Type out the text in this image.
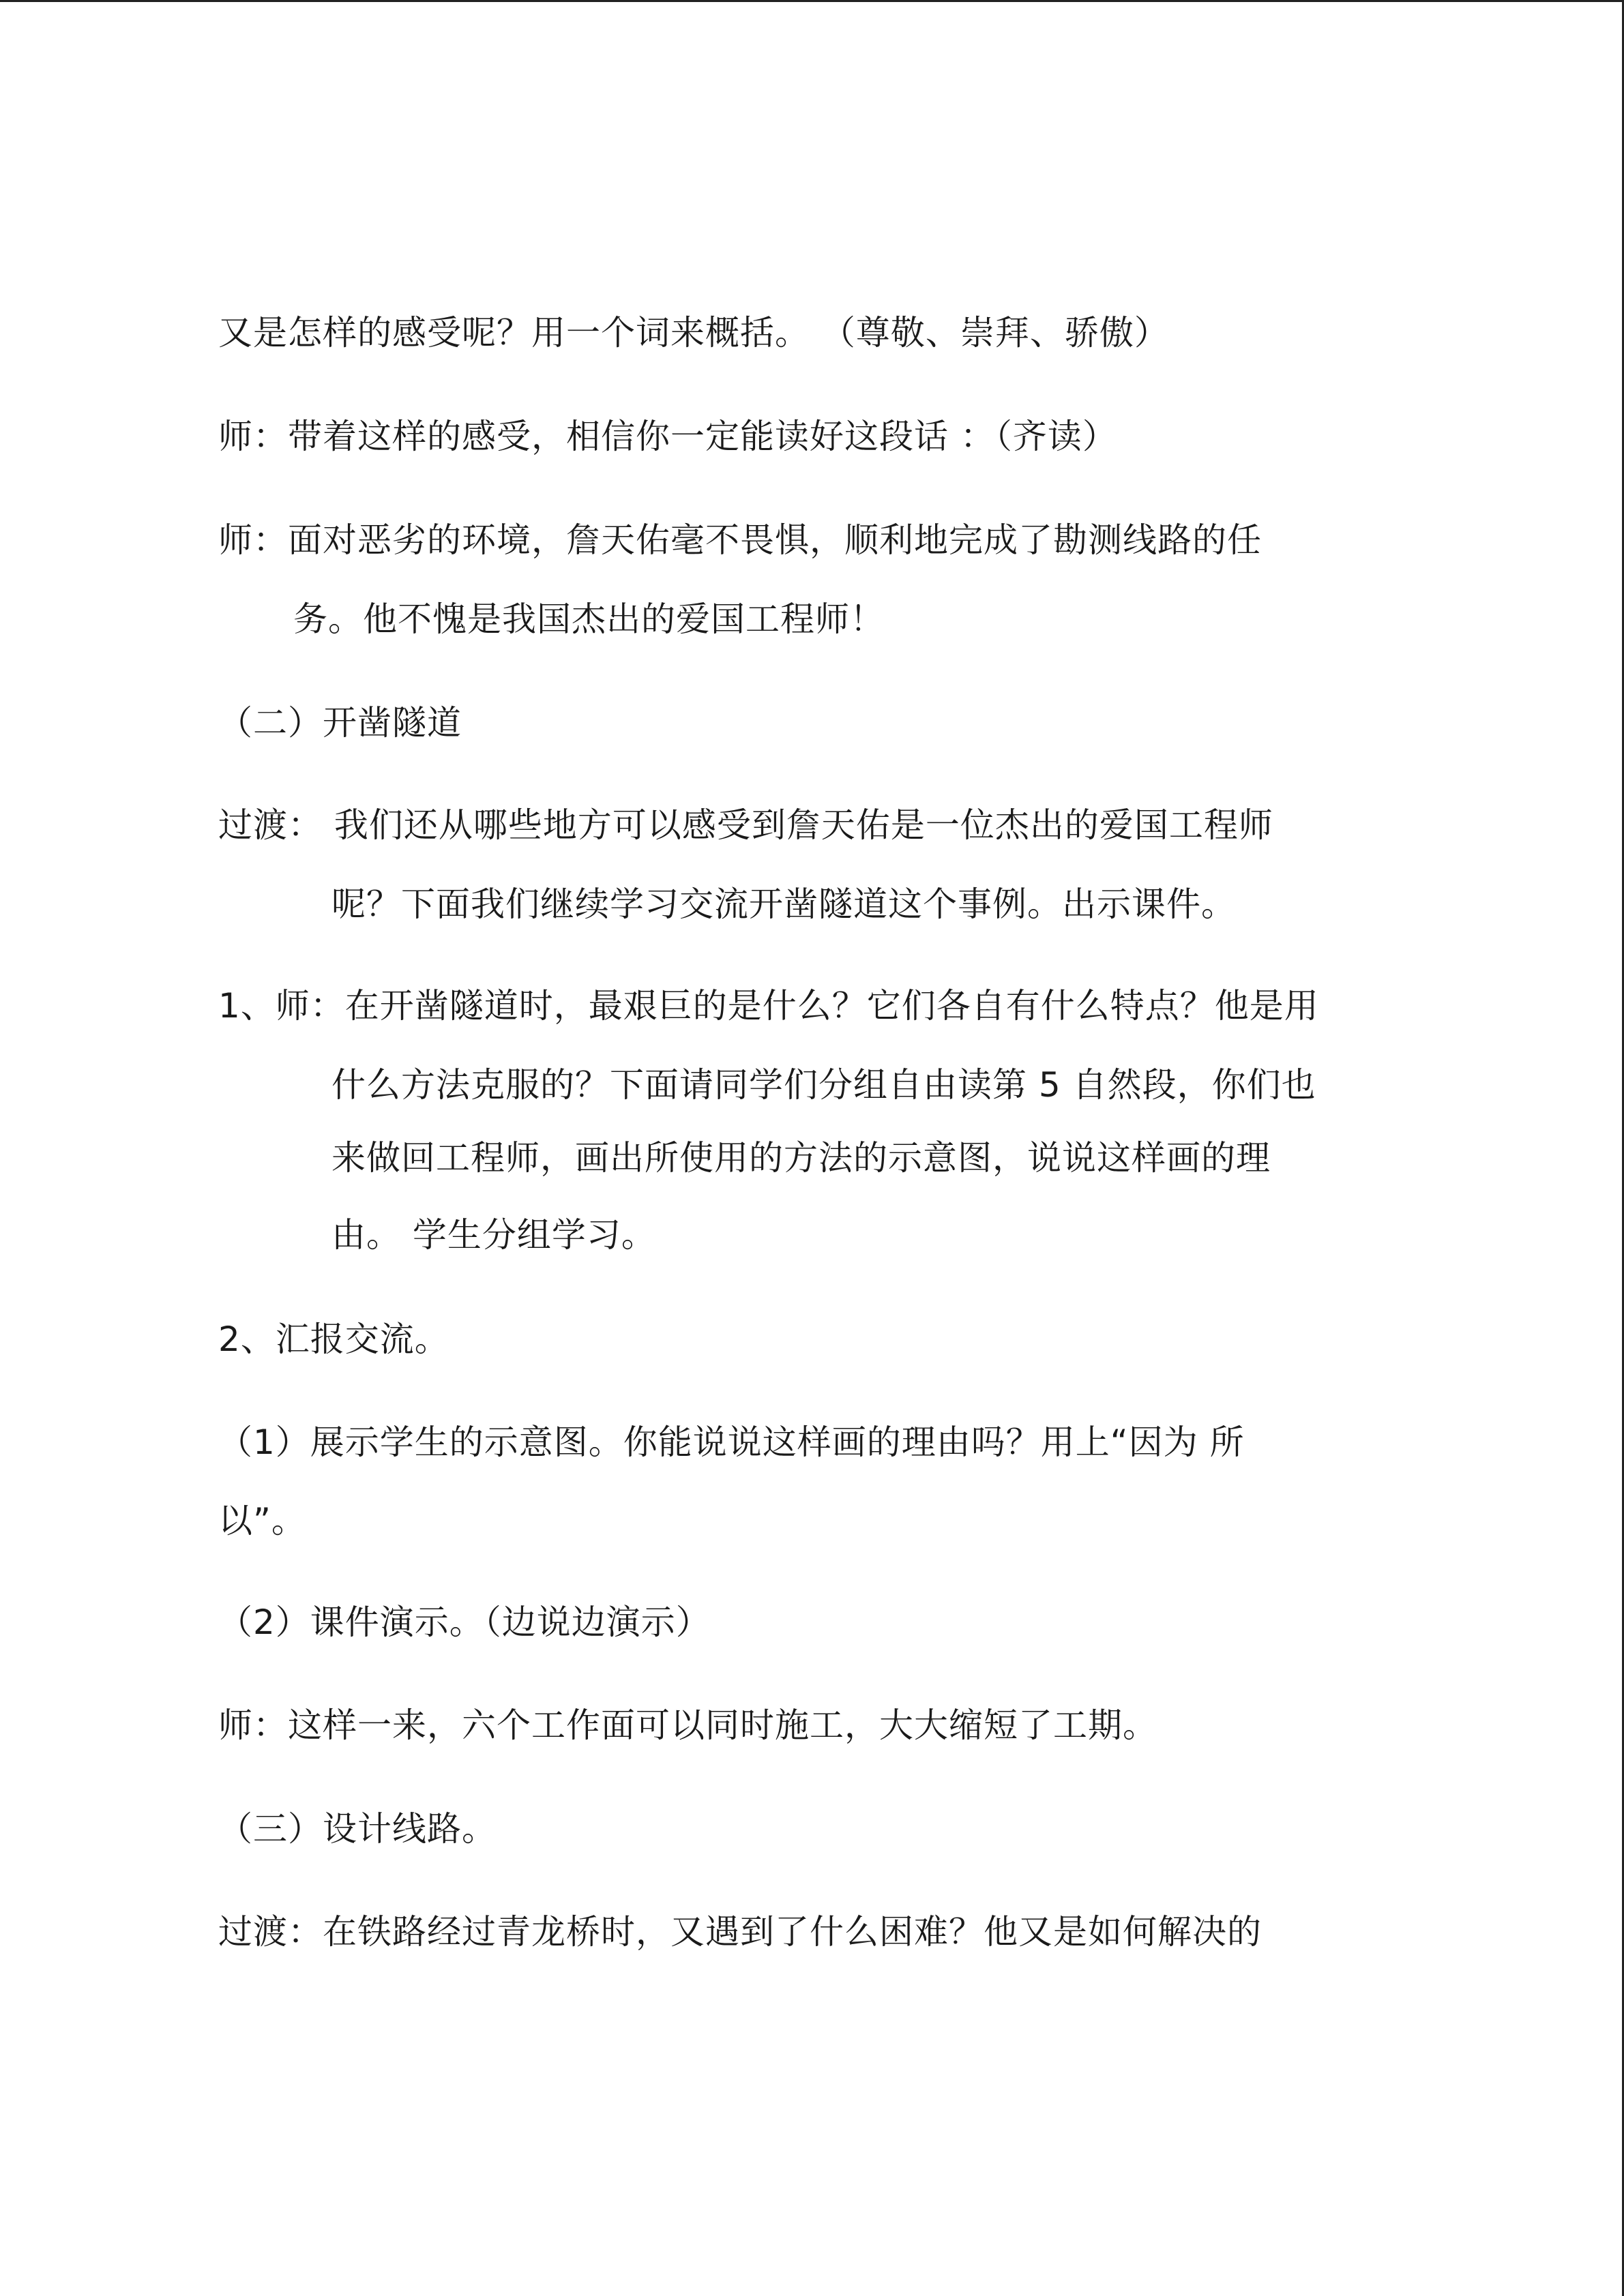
又是怎样的感受呢？用一个词来概括。 （尊敬、崇拜、骄傲）
师：带着这样的感受，相信你一定能读好这段话 ：（齐读）
师：面对恶劣的环境，詹天佑毫不畏惧，顺利地完成了勘测线路的任
务。他不愧是我国杰出的爱国工程师！
（二）开凿隧道
过渡： 我们还从哪些地方可以感受到詹天佑是一位杰出的爱国工程师
呢？下面我们继续学习交流开凿隧道这个事例。出示课件。
1、师：在开凿隧道时，最艰巨的是什么？它们各自有什么特点？他是用
什么方法克服的？下面请同学们分组自由读第 5 自然段，你们也
来做回工程师，画出所使用的方法的示意图，说说这样画的理
由。 学生分组学习。
2、汇报交流。
（1）展示学生的示意图。你能说说这样画的理由吗？用上“因为 所
以”。
（2）课件演示。（边说边演示）
师：这样一来，六个工作面可以同时施工，大大缩短了工期。
（三）设计线路。
过渡：在铁路经过青龙桥时，又遇到了什么困难？他又是如何解决的
